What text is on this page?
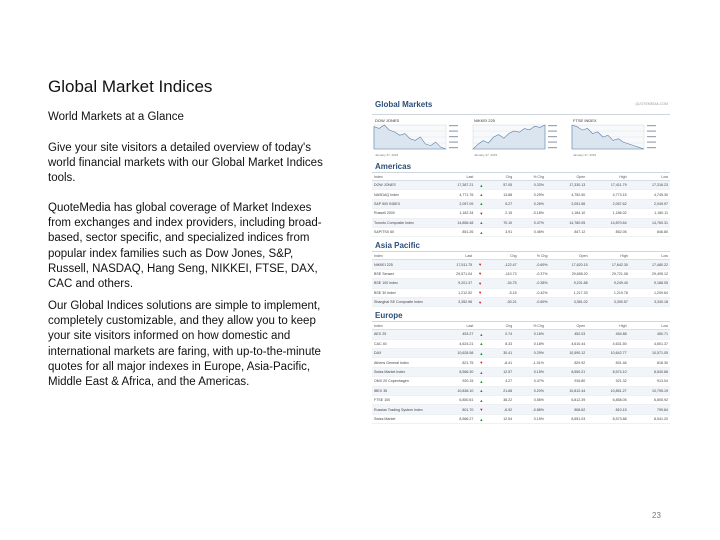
Global Market Indices
World Markets at a Glance
Give your site visitors a detailed overview of today's world financial markets with our Global Market Indices tools.
QuoteMedia has global coverage of Market Indexes from exchanges and index providers, including broad-based, sector specific, and specialized indices from popular index families such as Dow Jones, S&P, Russell, NASDAQ, Hang Seng, NIKKEI, FTSE, DAX, CAC and others.
Our Global Indices solutions are simple to implement, completely customizable, and they allow you to keep your site visitors informed on how domestic and international markets are faring, with up-to-the-minute quotes for all major indexes in Europe, Asia-Pacific, Middle East & Africa, and the Americas.
Global Markets	QUOTEMEDIA.COM
DOW JONES
January 27, 2015
NIKKEI 225
January 27, 2015
FTSE INDEX
January 27, 2015
Americas
Index	Last		Chg	% Chg	Open	High	Low
DOW JONES	17,387.21	▲	57.05	0.33%	17,330.13	17,411.79	17,316.23
NASDAQ Index	4,771.76	▲	13.88	0.29%	4,752.50	4,773.15	4,745.30
S&P 500 INDEX	2,057.09	▲	5.27	0.26%	2,051.56	2,057.62	2,049.97
Russell 2000	1,182.34	▼	2.15	-0.18%	1,184.10	1,186.02	1,180.11
Toronto Composite Index	14,856.48	▲	70.10	0.47%	14,780.05	14,870.64	14,760.31
S&P/TSX 60	851.26	▲	3.91	0.46%	847.12	852.05	846.80
Asia Pacific
Index	Last		Chg	% Chg	Open	High	Low
NIKKEI 225	17,511.75	▼	-122.47	-0.69%	17,620.15	17,642.30	17,480.22
BSE Sensex	29,571.04	▼	-110.73	-0.37%	29,658.20	29,721.08	29,495.12
BSE 100 Index	9,201.37	▼	-34.75	-0.38%	9,231.88	9,249.40	9,188.05
BSE 30 Index	1,212.52	▼	-5.15	-0.42%	1,217.33	1,219.78	1,209.64
Shanghai SE Composite Index	3,352.96	▼	-30.21	-0.89%	3,381.02	3,390.57	3,340.18
Europe
Index	Last		Chg	% Chg	Open	High	Low
AEX 25	453.27	▲	0.74	0.16%	452.03	454.88	450.71
CAC 40	4,624.21	▲	8.33	0.18%	4,610.44	4,631.50	4,601.37
DAX	10,628.58	▲	30.41	0.29%	10,590.12	10,642.77	10,571.05
Athens General Index	821.75	▼	-8.41	-1.01%	829.92	831.46	818.30
Swiss Market Index	8,566.30	▲	12.57	0.15%	8,550.21	8,574.10	8,540.66
OMX 20 Copenhagen	920.15	▲	4.27	0.47%	915.80	921.32	913.04
IBEX 35	10,836.10	▲	21.68	0.20%	10,812.44	10,851.27	10,795.19
FTSE 100	6,850.61	▲	38.22	0.56%	6,812.39	6,858.05	6,805.92
Russian Trading System Index	801.70	▼	-6.92	-0.86%	808.62	810.15	799.84
Swiss Market	8,566.27	▲	12.54	0.15%	8,551.03	8,573.88	8,541.20
23
